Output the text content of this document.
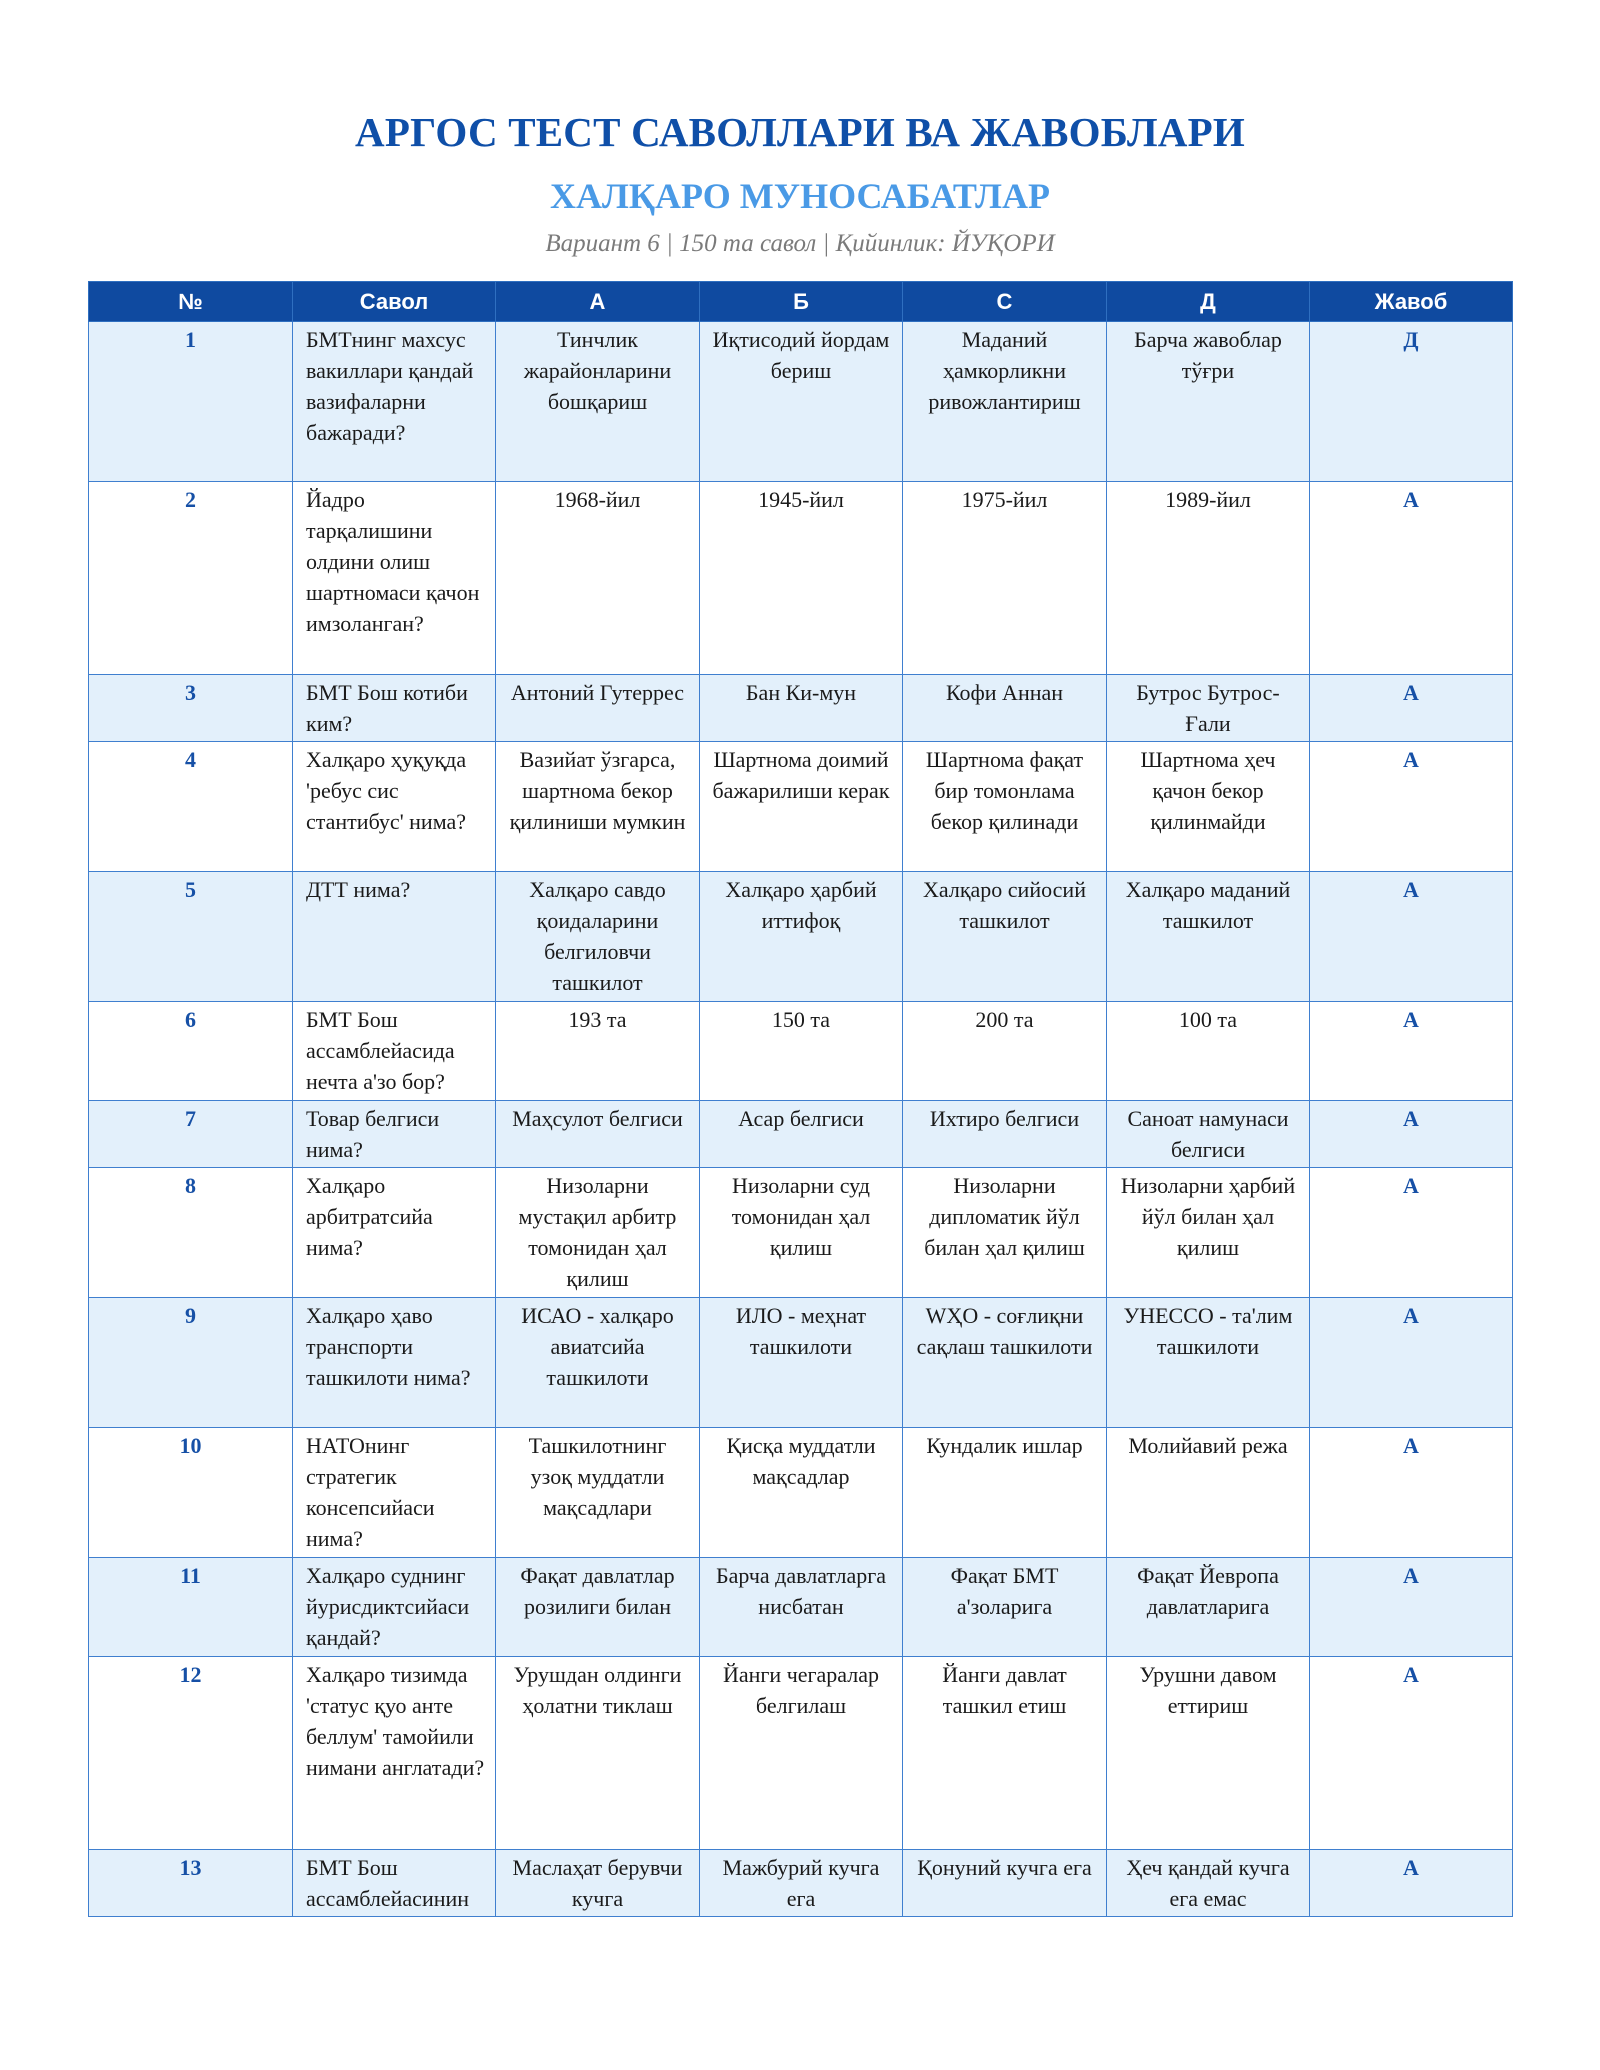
АРГОС ТЕСТ САВОЛЛАРИ ВА ЖАВОБЛАРИ
ХАЛҚАРО МУНОСАБАТЛАР
Вариант 6 | 150 та савол | Қийинлик: ЙУҚОРИ
№	Савол	А	Б	С	Д	Жавоб
1	БМТнинг махсус вакиллари қандай вазифаларни бажаради?	Тинчлик жарайонларини бошқариш	Иқтисодий йордам бериш	Маданий ҳамкорликни ривожлантириш	Барча жавоблар тўғри	Д
2	Йадро тарқалишини олдини олиш шартномаси қачон имзоланган?	1968-йил	1945-йил	1975-йил	1989-йил	А
3	БМТ Бош котиби ким?	Антоний Гутеррес	Бан Ки-мун	Кофи Аннан	Бутрос Бутрос-Ғали	А
4	Халқаро ҳуқуқда 'ребус сис стантибус' нима?	Вазийат ўзгарса, шартнома бекор қилиниши мумкин	Шартнома доимий бажарилиши керак	Шартнома фақат бир томонлама бекор қилинади	Шартнома ҳеч қачон бекор қилинмайди	А
5	ДТТ нима?	Халқаро савдо қоидаларини белгиловчи ташкилот	Халқаро ҳарбий иттифоқ	Халқаро сийосий ташкилот	Халқаро маданий ташкилот	А
6	БМТ Бош ассамблейасида нечта а'зо бор?	193 та	150 та	200 та	100 та	А
7	Товар белгиси нима?	Маҳсулот белгиси	Асар белгиси	Ихтиро белгиси	Саноат намунаси белгиси	А
8	Халқаро арбитратсийа нима?	Низоларни мустақил арбитр томонидан ҳал қилиш	Низоларни суд томонидан ҳал қилиш	Низоларни дипломатик йўл билан ҳал қилиш	Низоларни ҳарбий йўл билан ҳал қилиш	А
9	Халқаро ҳаво транспорти ташкилоти нима?	ИСАО - халқаро авиатсийа ташкилоти	ИЛО - меҳнат ташкилоти	WҲО - соғлиқни сақлаш ташкилоти	УНЕССО - та'лим ташкилоти	А
10	НАТОнинг стратегик консепсийаси нима?	Ташкилотнинг узоқ муддатли мақсадлари	Қисқа муддатли мақсадлар	Кундалик ишлар	Молийавий режа	А
11	Халқаро суднинг йурисдиктсийаси қандай?	Фақат давлатлар розилиги билан	Барча давлатларга нисбатан	Фақат БМТ а'золарига	Фақат Йевропа давлатларига	А
12	Халқаро тизимда 'статус қуо анте беллум' тамойили нимани англатади?	Урушдан олдинги ҳолатни тиклаш	Йанги чегаралар белгилаш	Йанги давлат ташкил етиш	Урушни давом еттириш	А
13	БМТ Бош ассамблейасинин	Маслаҳат берувчи кучга	Мажбурий кучга ега	Қонуний кучга ега	Ҳеч қандай кучга ега емас	А
